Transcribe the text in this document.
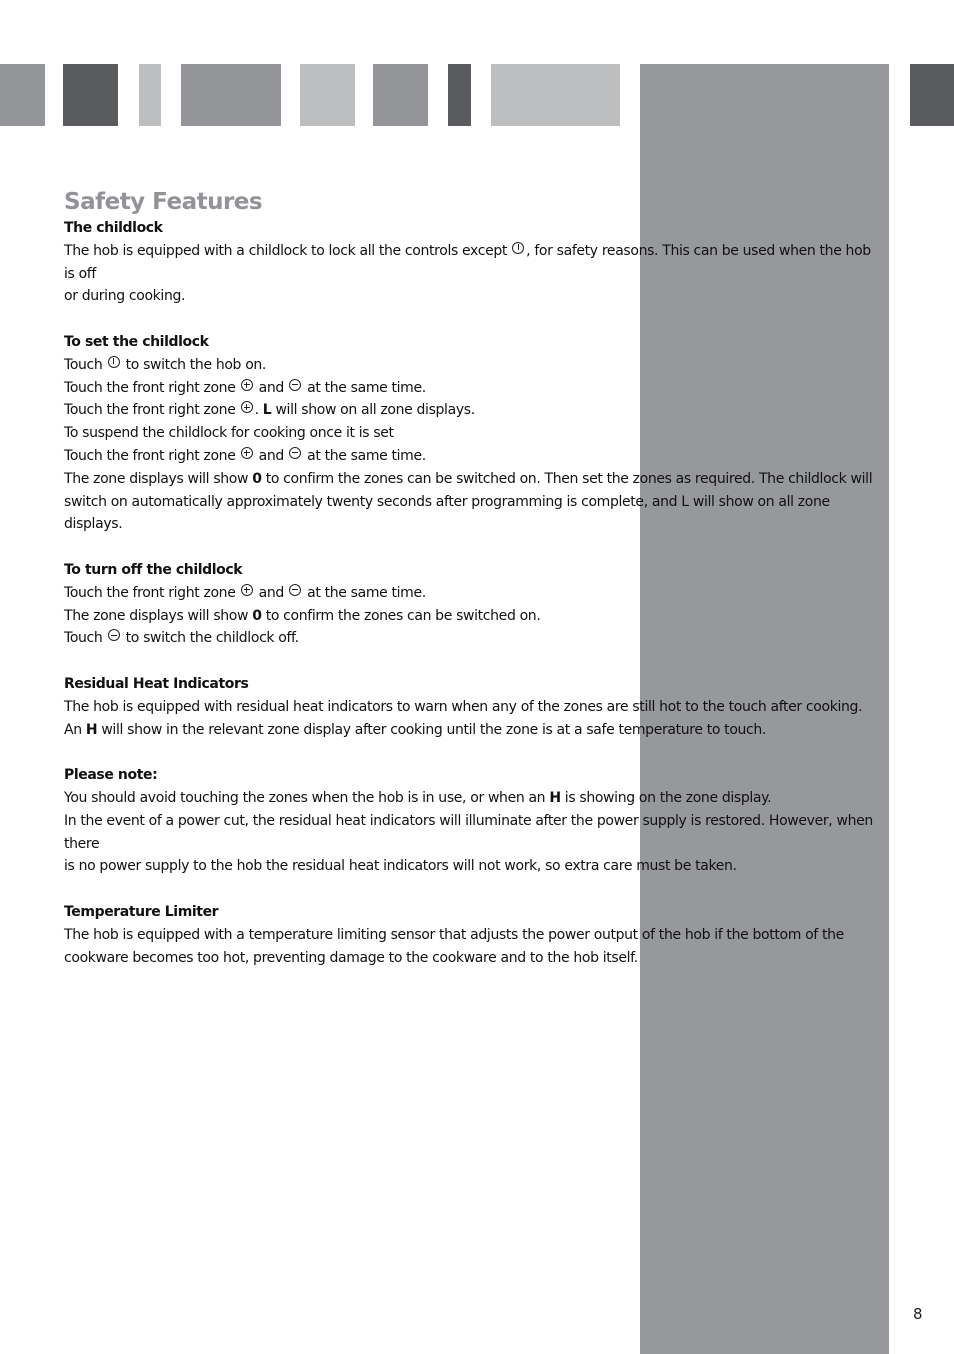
Safety Features
The childlock

The hob is equipped with a childlock to lock all the controls except
, for safety reasons. This can be used when the hob is off

or during cooking.

To set the childlock

Touch
to switch the hob on.

Touch the front right zone
and
at the same time.

Touch the front right zone
. L will show on all zone displays.

To suspend the childlock for cooking once it is set

Touch the front right zone
and
at the same time.

The zone displays will show 0 to confirm the zones can be switched on. Then set the zones as required. The childlock will

switch on automatically approximately twenty seconds after programming is complete, and L will show on all zone displays.

To turn off the childlock

Touch the front right zone
and
at the same time.

The zone displays will show 0 to confirm the zones can be switched on.

Touch
to switch the childlock off.

Residual Heat Indicators

The hob is equipped with residual heat indicators to warn when any of the zones are still hot to the touch after cooking.

An H will show in the relevant zone display after cooking until the zone is at a safe temperature to touch.

Please note:

You should avoid touching the zones when the hob is in use, or when an H is showing on the zone display.

In the event of a power cut, the residual heat indicators will illuminate after the power supply is restored. However, when there

is no power supply to the hob the residual heat indicators will not work, so extra care must be taken.

Temperature Limiter

The hob is equipped with a temperature limiting sensor that adjusts the power output of the hob if the bottom of the

cookware becomes too hot, preventing damage to the cookware and to the hob itself.

8
